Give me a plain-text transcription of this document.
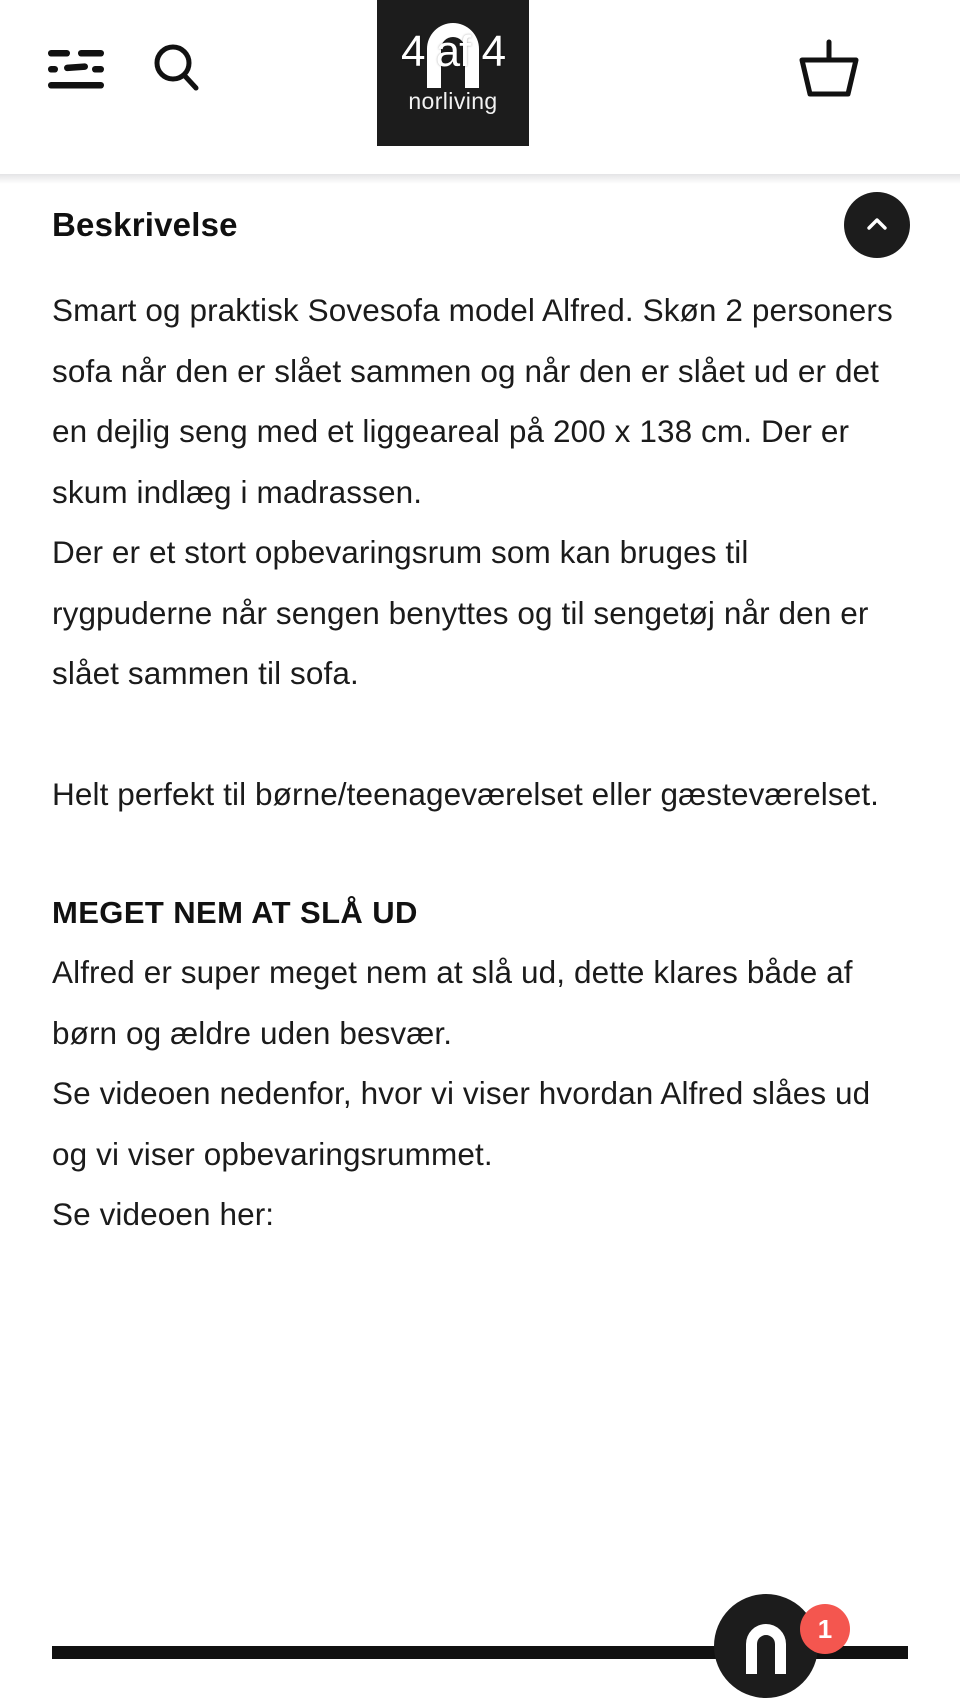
norliving
4 af 4
Beskrivelse

Smart og praktisk Sovesofa model Alfred. Skøn 2 personers sofa når den er slået sammen og når den er slået ud er det en dejlig seng med et liggeareal på 200 x 138 cm. Der er skum indlæg i madrassen.

Der er et stort opbevaringsrum som kan bruges til rygpuderne når sengen benyttes og til sengetøj når den er slået sammen til sofa.

Helt perfekt til børne/teenageværelset eller gæsteværelset.

MEGET NEM AT SLÅ UD

Alfred er super meget nem at slå ud, dette klares både af børn og ældre uden besvær.

Se videoen nedenfor, hvor vi viser hvordan Alfred slåes ud og vi viser opbevaringsrummet.

Se videoen her:

1
